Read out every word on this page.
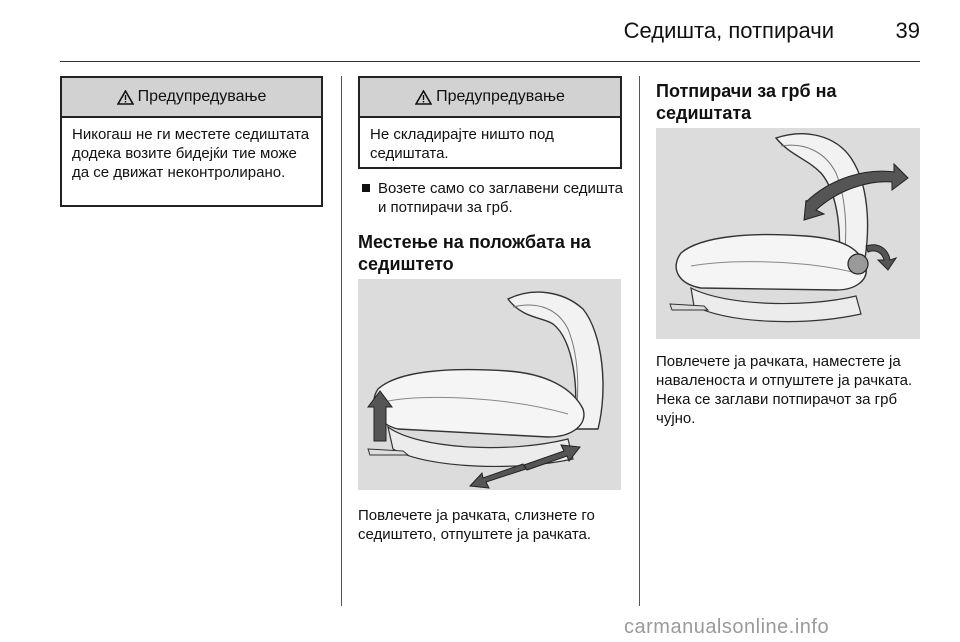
Седишта, потпирачи	39
Предупредување
Никогаш не ги местете седиштата додека возите бидејќи тие може да се движат неконтролирано.
Предупредување
Не складирајте ништо под седиштата.
Возете само со заглавени седишта и потпирачи за грб.
Местење на положбата на седиштето
Повлечете ја рачката, слизнете го седиштето, отпуштете ја рачката.
Потпирачи за грб на седиштата
Повлечете ја рачката, наместете ја наваленоста и отпуштете ја рачката. Нека се заглави потпирачот за грб чујно.
carmanualsonline.info
